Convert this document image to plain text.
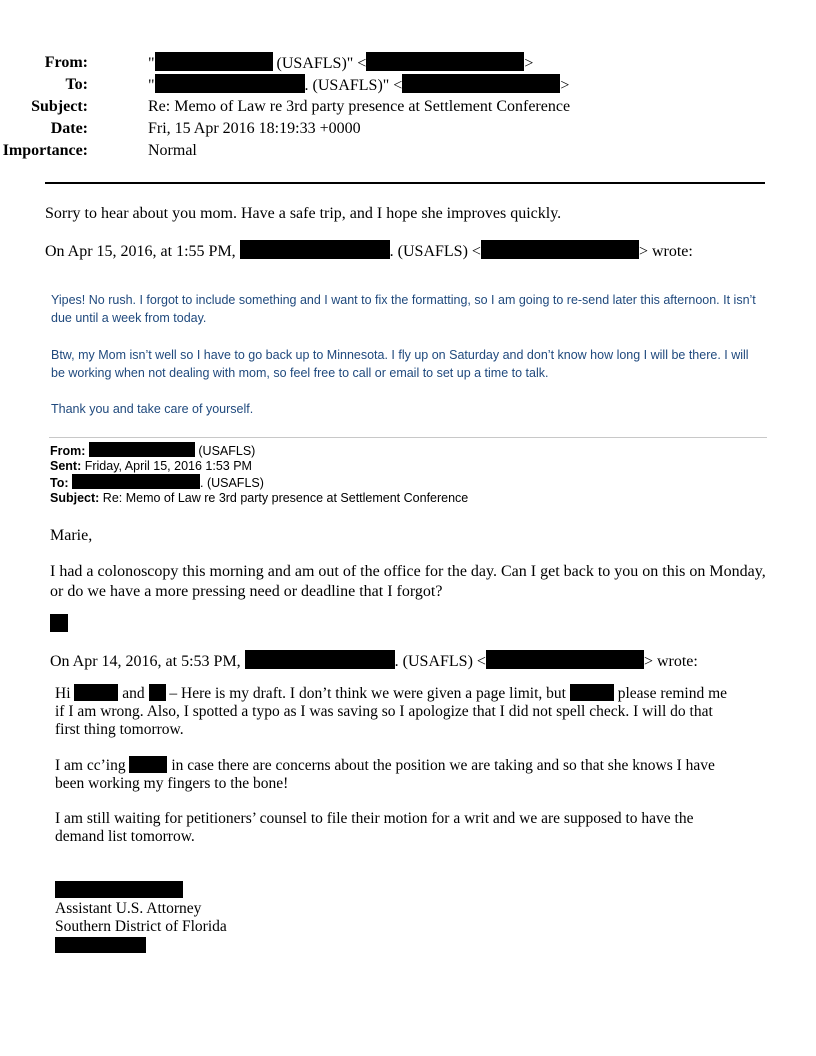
From:	"	(USAFLS)" <	>
To:	"	. (USAFLS)" <	>
Subject:	Re: Memo of Law re 3rd party presence at Settlement Conference
Date:	Fri, 15 Apr 2016 18:19:33 +0000
Importance:	Normal
Sorry to hear about you mom. Have a safe trip, and I hope she improves quickly.
On Apr 15, 2016, at 1:55 PM,	. (USAFLS) <	> wrote:
Yipes! No rush. I forgot to include something and I want to fix the formatting, so I am going to re-send later this afternoon. It isn’t due until a week from today.
Btw, my Mom isn’t well so I have to go back up to Minnesota. I fly up on Saturday and don’t know how long I will be there. I will be working when not dealing with mom, so feel free to call or email to set up a time to talk.
Thank you and take care of yourself.
From:	(USAFLS)
Sent: Friday, April 15, 2016 1:53 PM
To:	. (USAFLS)
Subject: Re: Memo of Law re 3rd party presence at Settlement Conference
Marie,
I had a colonoscopy this morning and am out of the office for the day. Can I get back to you on this on Monday, or do we have a more pressing need or deadline that I forgot?
On Apr 14, 2016, at 5:53 PM,	. (USAFLS) <	> wrote:
Hi	and  – Here is my draft. I don’t think we were given a page limit, but	please remind me
if I am wrong. Also, I spotted a typo as I was saving so I apologize that I did not spell check. I will do that
first thing tomorrow.
I am cc’ing  in case there are concerns about the position we are taking and so that she knows I have
been working my fingers to the bone!
I am still waiting for petitioners’ counsel to file their motion for a writ and we are supposed to have the
demand list tomorrow.
Assistant U.S. Attorney
Southern District of Florida
